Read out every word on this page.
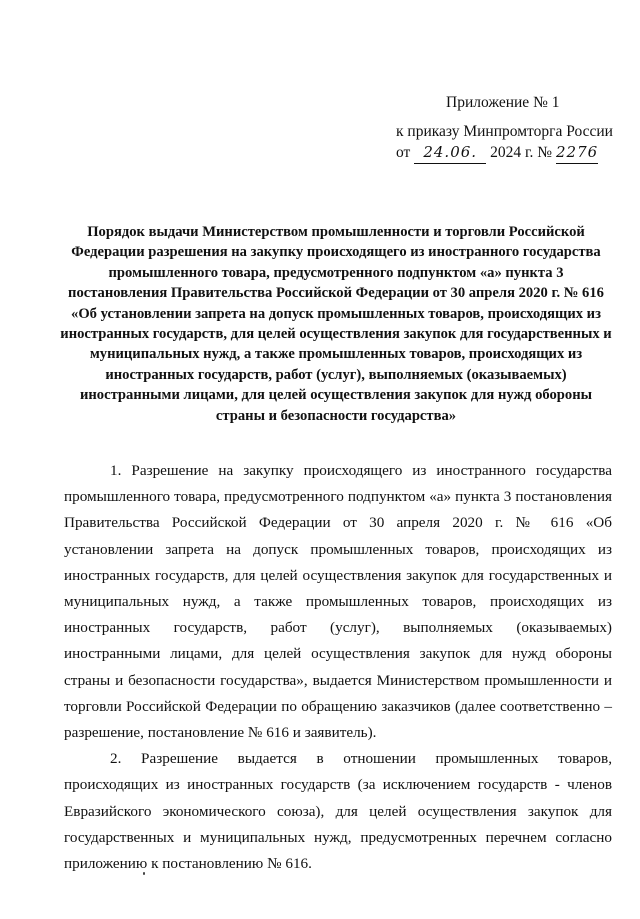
Приложение № 1
к приказу Минпромторга России
от 24.06. 2024 г. № 2276
Порядок выдачи Министерством промышленности и торговли Российской Федерации разрешения на закупку происходящего из иностранного государства промышленного товара, предусмотренного подпунктом «а» пункта 3 постановления Правительства Российской Федерации от 30 апреля 2020 г. № 616 «Об установлении запрета на допуск промышленных товаров, происходящих из иностранных государств, для целей осуществления закупок для государственных и муниципальных нужд, а также промышленных товаров, происходящих из иностранных государств, работ (услуг), выполняемых (оказываемых) иностранными лицами, для целей осуществления закупок для нужд обороны страны и безопасности государства»

1. Разрешение на закупку происходящего из иностранного государства промышленного товара, предусмотренного подпунктом «а» пункта 3 постановления Правительства Российской Федерации от 30 апреля 2020 г. № 616 «Об установлении запрета на допуск промышленных товаров, происходящих из иностранных государств, для целей осуществления закупок для государственных и муниципальных нужд, а также промышленных товаров, происходящих из иностранных государств, работ (услуг), выполняемых (оказываемых) иностранными лицами, для целей осуществления закупок для нужд обороны страны и безопасности государства», выдается Министерством промышленности и торговли Российской Федерации по обращению заказчиков (далее соответственно – разрешение, постановление № 616 и заявитель).

2. Разрешение выдается в отношении промышленных товаров, происходящих из иностранных государств (за исключением государств - членов Евразийского экономического союза), для целей осуществления закупок для государственных и муниципальных нужд, предусмотренных перечнем согласно приложению к постановлению № 616.
